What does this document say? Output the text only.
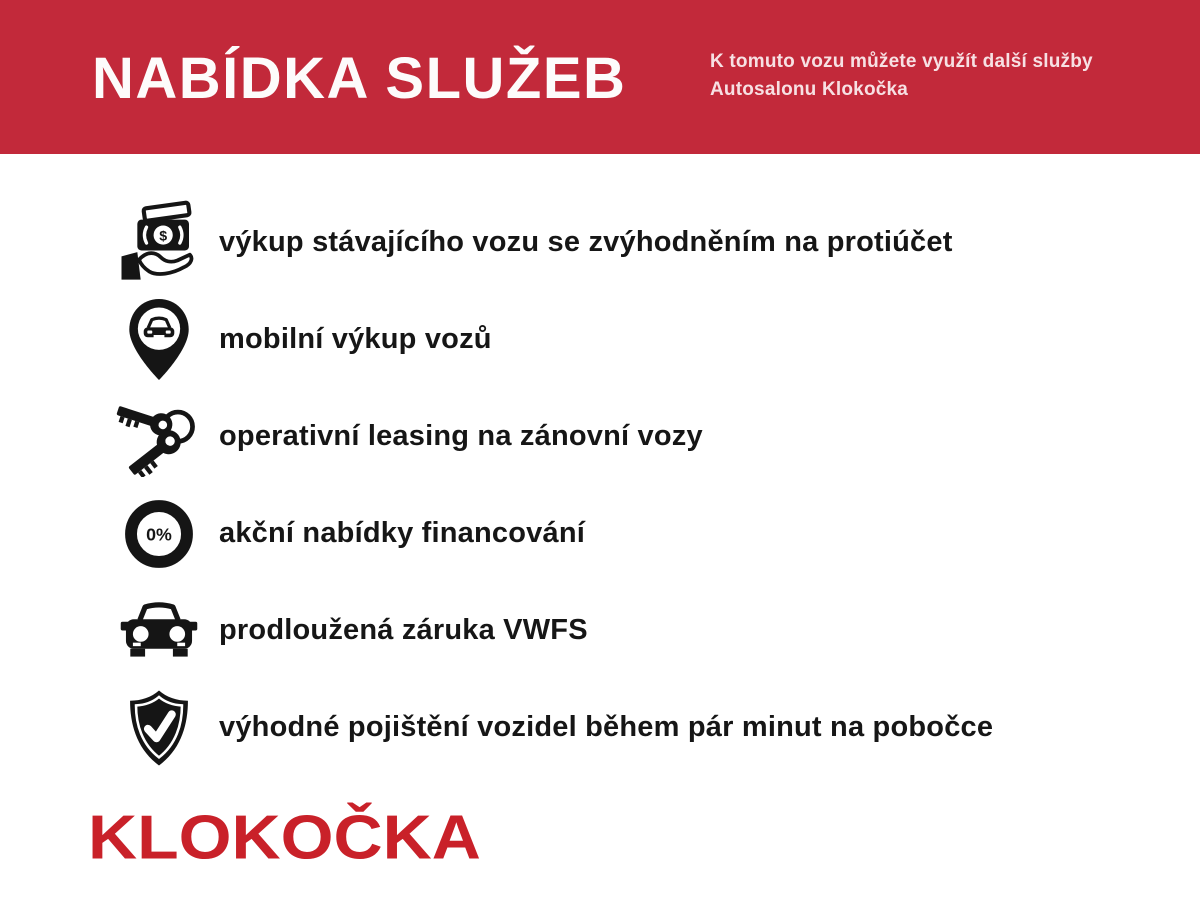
NABÍDKA SLUŽEB	K tomuto vozu můžete využít další služby Autosalonu Klokočka
$ výkup stávajícího vozu se zvýhodněním na protiúčet
mobilní výkup vozů
operativní leasing na zánovní vozy
0% akční nabídky financování
prodloužená záruka VWFS
výhodné pojištění vozidel během pár minut na pobočce
KLOKOČKA
